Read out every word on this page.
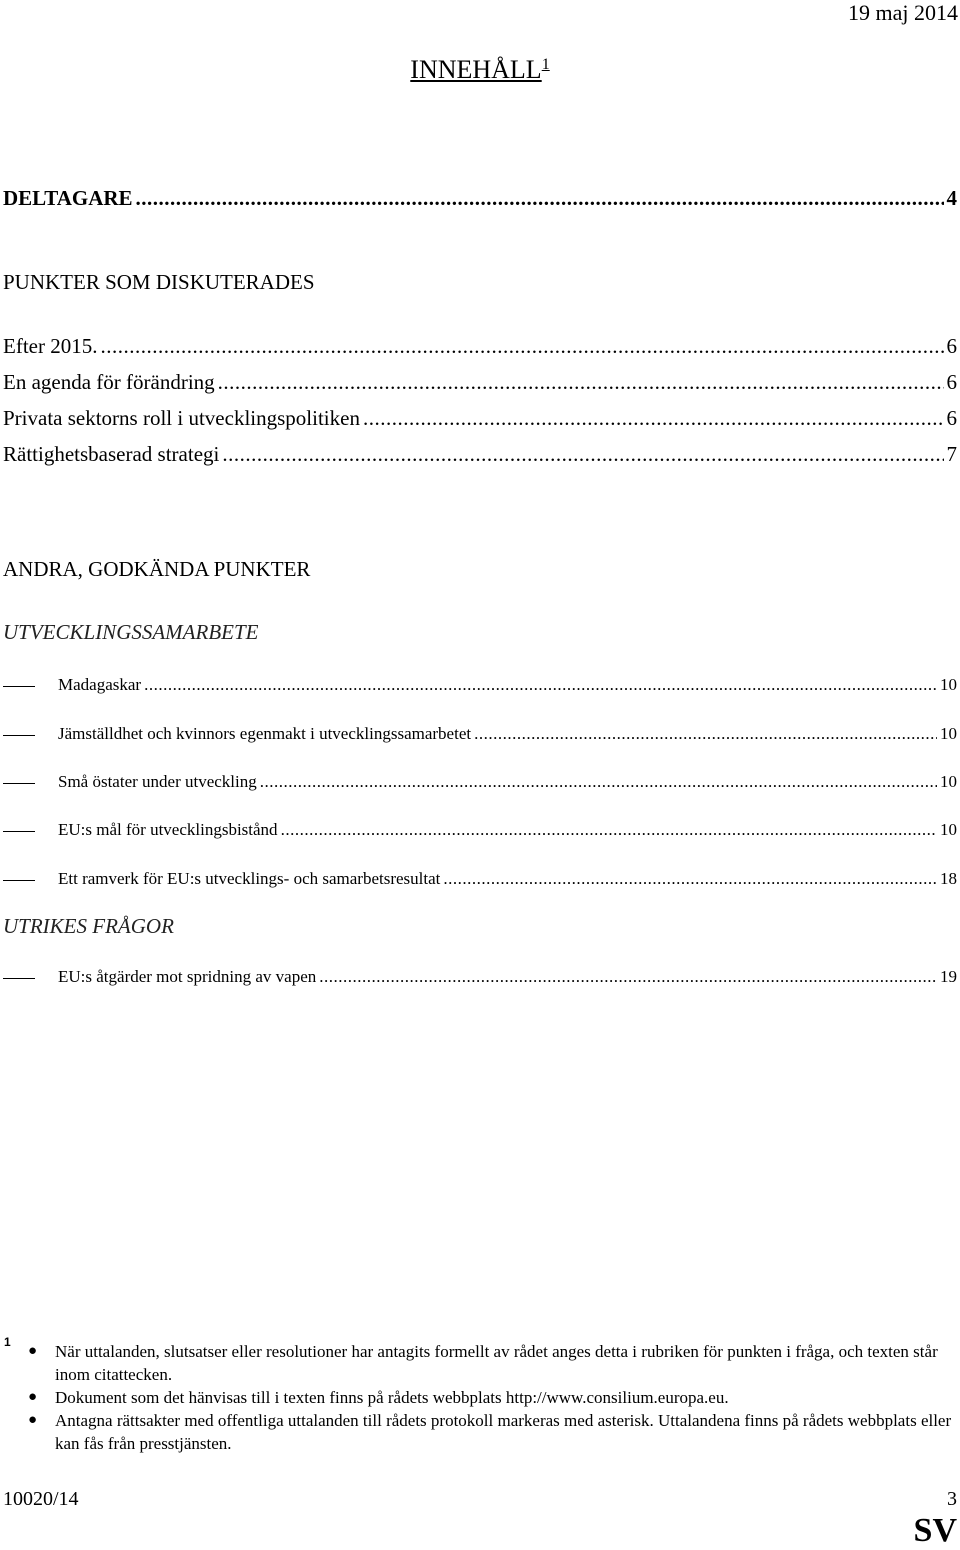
19 maj 2014
INNEHÅLL$^1$
DELTAGARE .....	4
PUNKTER SOM DISKUTERADES
Efter 2015. .....	6
En agenda för förändring .....	6
Privata sektorns roll i utvecklingspolitiken .....	6
Rättighetsbaserad strategi .....	7
ANDRA, GODKÄNDA PUNKTER
UTVECKLINGSSAMARBETE
Madagaskar .....	10
Jämställdhet och kvinnors egenmakt i utvecklingssamarbetet .....	10
Små östater under utveckling .....	10
EU:s mål för utvecklingsbistånd .....	10
Ett ramverk för EU:s utvecklings- och samarbetsresultat .....	18
UTRIKES FRÅGOR
EU:s åtgärder mot spridning av vapen .....	19
1
● När uttalanden, slutsatser eller resolutioner har antagits formellt av rådet anges detta i rubriken för punkten i fråga, och texten står inom citattecken.
● Dokument som det hänvisas till i texten finns på rådets webbplats http://www.consilium.europa.eu.
● Antagna rättsakter med offentliga uttalanden till rådets protokoll markeras med asterisk. Uttalandena finns på rådets webbplats eller kan fås från presstjänsten.
10020/14	3
SV
